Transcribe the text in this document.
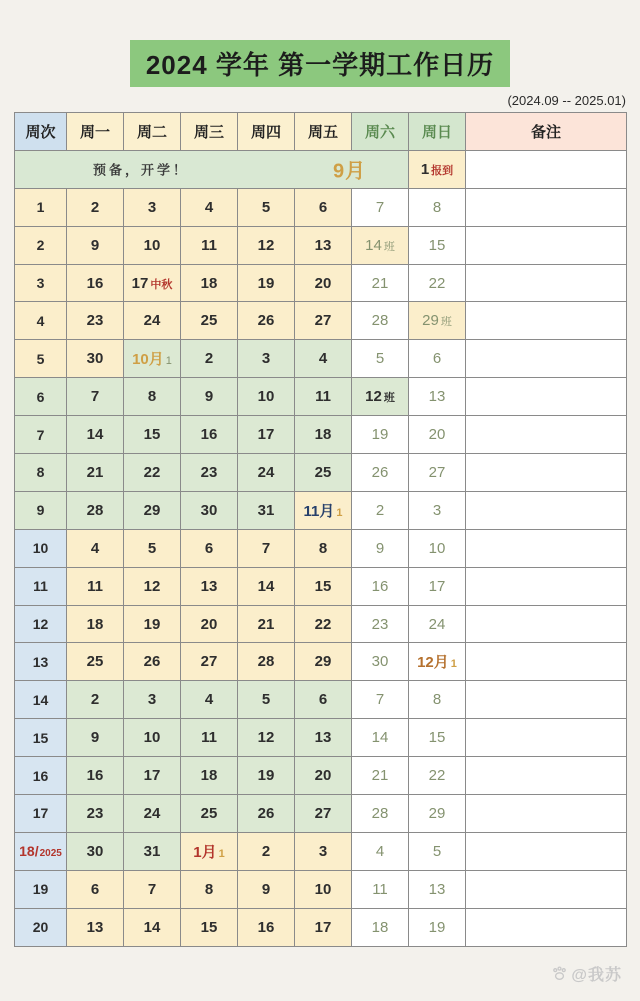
2024 学年 第一学期工作日历
(2024.09 -- 2025.01)
周次	周一	周二	周三	周四	周五	周六	周日	备注

预备，开学！ 9月							1 报到	
1	2	3	4	5	6	7	8	
2	9	10	11	12	13	14 班	15	
3	16	17 中秋	18	19	20	21	22	
4	23	24	25	26	27	28	29 班	
5	30	10月 1	2	3	4	5	6	
6	7	8	9	10	11	12 班	13	
7	14	15	16	17	18	19	20	
8	21	22	23	24	25	26	27	
9	28	29	30	31	11月 1	2	3	
10	4	5	6	7	8	9	10	
11	11	12	13	14	15	16	17	
12	18	19	20	21	22	23	24	
13	25	26	27	28	29	30	12月 1	
14	2	3	4	5	6	7	8	
15	9	10	11	12	13	14	15	
16	16	17	18	19	20	21	22	
17	23	24	25	26	27	28	29	
18/2025	30	31	1月 1	2	3	4	5	
19	6	7	8	9	10	11	13	
20	13	14	15	16	17	18	19	
@我苏
